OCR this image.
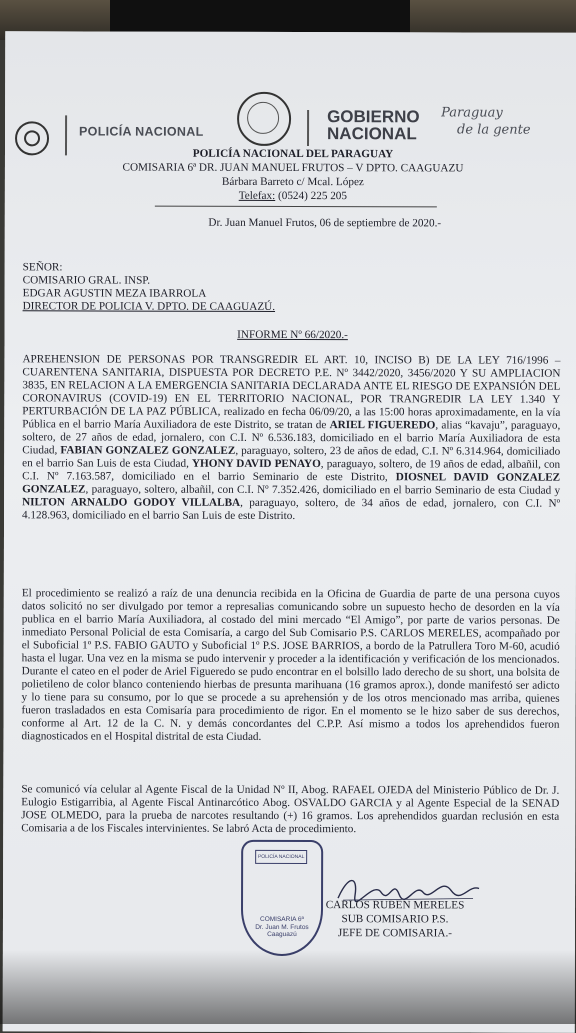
POLICÍA NACIONAL
GOBIERNO
NACIONAL
Paraguay
de la gente
POLICÍA NACIONAL DEL PARAGUAY
COMISARIA 6ª DR. JUAN MANUEL FRUTOS – V DPTO. CAAGUAZU
Bárbara Barreto c/ Mcal. López
Telefax: (0524) 225 205
Dr. Juan Manuel Frutos, 06 de septiembre de 2020.-
SEÑOR:
COMISARIO GRAL. INSP.
EDGAR AGUSTIN MEZA IBARROLA
DIRECTOR DE POLICIA V. DPTO. DE CAAGUAZÚ.
INFORME Nº 66/2020.-
APREHENSION DE PERSONAS POR TRANSGREDIR EL ART. 10, INCISO B) DE LA LEY 716/1996 – CUARENTENA SANITARIA, DISPUESTA POR DECRETO P.E. Nº 3442/2020, 3456/2020 Y SU AMPLIACION 3835, EN RELACION A LA EMERGENCIA SANITARIA DECLARADA ANTE EL RIESGO DE EXPANSIÓN DEL CORONAVIRUS (COVID-19) EN EL TERRITORIO NACIONAL, POR TRANGREDIR LA LEY 1.340 Y PERTURBACIÓN DE LA PAZ PÚBLICA, realizado en fecha 06/09/20, a las 15:00 horas aproximadamente, en la vía Pública en el barrio María Auxiliadora de este Distrito, se tratan de ARIEL FIGUEREDO, alias “kavaju”, paraguayo, soltero, de 27 años de edad, jornalero, con C.I. Nº 6.536.183, domiciliado en el barrio María Auxiliadora de esta Ciudad, FABIAN GONZALEZ GONZALEZ, paraguayo, soltero, 23 de años de edad, C.I. Nº 6.314.964, domiciliado en el barrio San Luis de esta Ciudad, YHONY DAVID PENAYO, paraguayo, soltero, de 19 años de edad, albañil, con C.I. Nº 7.163.587, domiciliado en el barrio Seminario de este Distrito, DIOSNEL DAVID GONZALEZ GONZALEZ, paraguayo, soltero, albañil, con C.I. Nº 7.352.426, domiciliado en el barrio Seminario de esta Ciudad y NILTON ARNALDO GODOY VILLALBA, paraguayo, soltero, de 34 años de edad, jornalero, con C.I. Nº 4.128.963, domiciliado en el barrio San Luis de este Distrito.
El procedimiento se realizó a raíz de una denuncia recibida en la Oficina de Guardia de parte de una persona cuyos datos solicitó no ser divulgado por temor a represalias comunicando sobre un supuesto hecho de desorden en la vía publica en el barrio María Auxiliadora, al costado del mini mercado “El Amigo”, por parte de varios personas. De inmediato Personal Policial de esta Comisaría, a cargo del Sub Comisario P.S. CARLOS MERELES, acompañado por el Suboficial 1º P.S. FABIO GAUTO y Suboficial 1º P.S. JOSE BARRIOS, a bordo de la Patrullera Toro M-60, acudió hasta el lugar. Una vez en la misma se pudo intervenir y proceder a la identificación y verificación de los mencionados. Durante el cateo en el poder de Ariel Figueredo se pudo encontrar en el bolsillo lado derecho de su short, una bolsita de polietileno de color blanco conteniendo hierbas de presunta marihuana (16 gramos aprox.), donde manifestó ser adicto y lo tiene para su consumo, por lo que se procede a su aprehensión y de los otros mencionado mas arriba, quienes fueron trasladados en esta Comisaría para procedimiento de rigor. En el momento se le hizo saber de sus derechos, conforme al Art. 12 de la C. N. y demás concordantes del C.P.P. Así mismo a todos los aprehendidos fueron diagnosticados en el Hospital distrital de esta Ciudad.
Se comunicó vía celular al Agente Fiscal de la Unidad Nº II, Abog. RAFAEL OJEDA del Ministerio Público de Dr. J. Eulogio Estigarribia, al Agente Fiscal Antinarcótico Abog. OSVALDO GARCIA y al Agente Especial de la SENAD JOSE OLMEDO, para la prueba de narcotes resultando (+) 16 gramos. Los aprehendidos guardan reclusión en esta Comisaria a de los Fiscales intervinientes. Se labró Acta de procedimiento.
POLICÍA NACIONAL
COMISARIA 6ª
Dr. Juan M. Frutos
Caaguazú
CARLOS RUBEN MERELES
SUB COMISARIO P.S.
JEFE DE COMISARIA.-
